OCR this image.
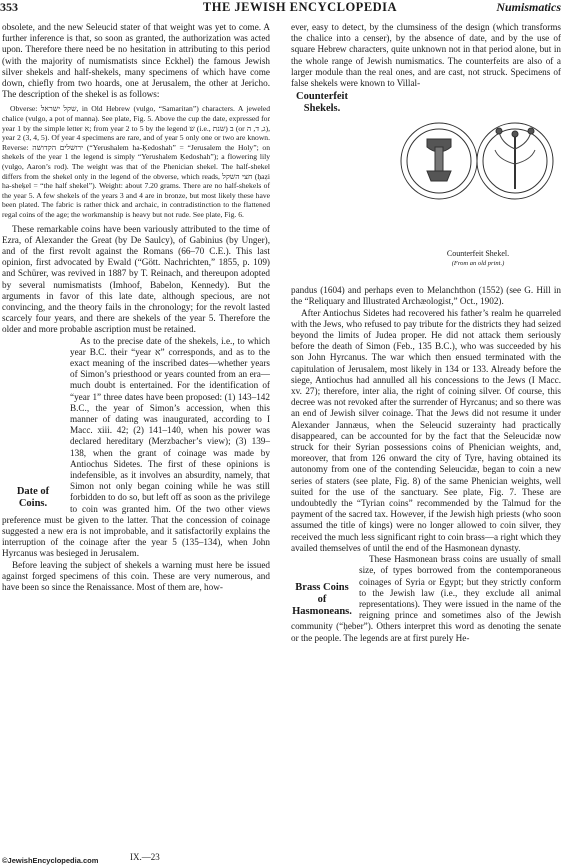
353	THE JEWISH ENCYCLOPEDIA	Numismatics

obsolete, and the new Seleucid stater of that weight was yet to come. A further inference is that, so soon as granted, the authorization was acted upon. Therefore there need be no hesitation in attributing to this period (with the majority of numismatists since Eckhel) the famous Jewish silver shekels and half-shekels, many specimens of which have come down, chiefly from two hoards, one at Jerusalem, the other at Jericho. The description of the shekel is as follows:

Obverse: שקל ישראל, in Old Hebrew (vulgo, “Samaritan”) characters. A jeweled chalice (vulgo, a pot of manna). See plate, Fig. 5. Above the cup the date, expressed for year 1 by the simple letter א; from year 2 to 5 by the legend ש (i.e., שנת) ב (or ג, ד, ה), year 2 (3, 4, 5). Of year 4 specimens are rare, and of year 5 only one or two are known. Reverse: ירושלים הקדושה (“Yerushalem ha-Ḳedoshah” = “Jerusalem the Holy”; on shekels of the year 1 the legend is simply “Yerushalem Ḳedoshah”); a flowering lily (vulgo, Aaron’s rod). The weight was that of the Phenician shekel. The half-shekel differs from the shekel only in the legend of the obverse, which reads, חצי השקל (ḥaẓi ha-sheḳel = “the half shekel”). Weight: about 7.20 grams. There are no half-shekels of the year 5. A few shekels of the years 3 and 4 are in bronze, but most likely these have been plated. The fabric is rather thick and archaic, in contradistinction to the flattened regal coins of the age; the workmanship is heavy but not rude. See plate, Fig. 6.

These remarkable coins have been variously attributed to the time of Ezra, of Alexander the Great (by De Saulcy), of Gabinius (by Unger), and of the first revolt against the Romans (66–70 C.E.). This last opinion, first advocated by Ewald (“Gött. Nachrichten,” 1855, p. 109) and Schürer, was revived in 1887 by T. Reinach, and thereupon adopted by several numismatists (Imhoof, Babelon, Kennedy). But the arguments in favor of this late date, although specious, are not convincing, and the theory fails in the chronology; for the revolt lasted scarcely four years, and there are shekels of the year 5. Therefore the older and more probable ascription must be retained.

Date of Coins.

As to the precise date of the shekels, i.e., to which year B.C. their “year א” corresponds, and as to the exact meaning of the inscribed dates—whether years of Simon’s priesthood or years counted from an era—much doubt is entertained. For the identification of “year 1” three dates have been proposed: (1) 143–142 B.C., the year of Simon’s accession, when this manner of dating was inaugurated, according to I Macc. xiii. 42; (2) 141–140, when his power was declared hereditary (Merzbacher’s view); (3) 139–138, when the grant of coinage was made by Antiochus Sidetes. The first of these opinions is indefensible, as it involves an absurdity, namely, that Simon not only began coining while he was still forbidden to do so, but left off as soon as the privilege to coin was granted him. Of the two other views preference must be given to the latter. That the concession of coinage suggested a new era is not improbable, and it satisfactorily explains the interruption of the coinage after the year 5 (135–134), when John Hyrcanus was besieged in Jerusalem.

Before leaving the subject of shekels a warning must here be issued against forged specimens of this coin. These are very numerous, and have been so since the Renaissance. Most of them are, how-

ever, easy to detect, by the clumsiness of the design (which transforms the chalice into a censer), by the absence of date, and by the use of square Hebrew characters, quite unknown not in that period alone, but in the whole range of Jewish numismatics. The counterfeits are also of a larger module than the real ones, and are cast, not struck. Specimens of false shekels were known to Villal-

Counterfeit Shekels.
Counterfeit Shekel.
(From an old print.)

pandus (1604) and perhaps even to Melanchthon (1552) (see G. Hill in the “Reliquary and Illustrated Archæologist,” Oct., 1902).

After Antiochus Sidetes had recovered his father’s realm he quarreled with the Jews, who refused to pay tribute for the districts they had seized beyond the limits of Judea proper. He did not attack them seriously before the death of Simon (Feb., 135 B.C.), who was succeeded by his son John Hyrcanus. The war which then ensued terminated with the capitulation of Jerusalem, most likely in 134 or 133. Already before the siege, Antiochus had annulled all his concessions to the Jews (I Macc. xv. 27); therefore, inter alia, the right of coining silver. Of course, this decree was not revoked after the surrender of Hyrcanus; and so there was an end of Jewish silver coinage. That the Jews did not resume it under Alexander Jannæus, when the Seleucid suzerainty had practically disappeared, can be accounted for by the fact that the Seleucidæ now struck for their Syrian possessions coins of Phenician weights, and, moreover, that from 126 onward the city of Tyre, having obtained its autonomy from one of the contending Seleucidæ, began to coin a new series of staters (see plate, Fig. 8) of the same Phenician weights, well suited for the use of the sanctuary. See plate, Fig. 7. These are undoubtedly the “Tyrian coins” recommended by the Talmud for the payment of the sacred tax. However, if the Jewish high priests (who soon assumed the title of kings) were no longer allowed to coin silver, they received the much less significant right to coin brass—a right which they availed themselves of until the end of the Hasmonean dynasty.

Brass Coins of Hasmoneans.

These Hasmonean brass coins are usually of small size, of types borrowed from the contemporaneous coinages of Syria or Egypt; but they strictly conform to the Jewish law (i.e., they exclude all animal representations). They were issued in the name of the reigning prince and sometimes also of the Jewish community (“ḥeber”). Others interpret this word as denoting the senate or the people. The legends are at first purely He-

IX.—23
©JewishEncyclopedia.com
